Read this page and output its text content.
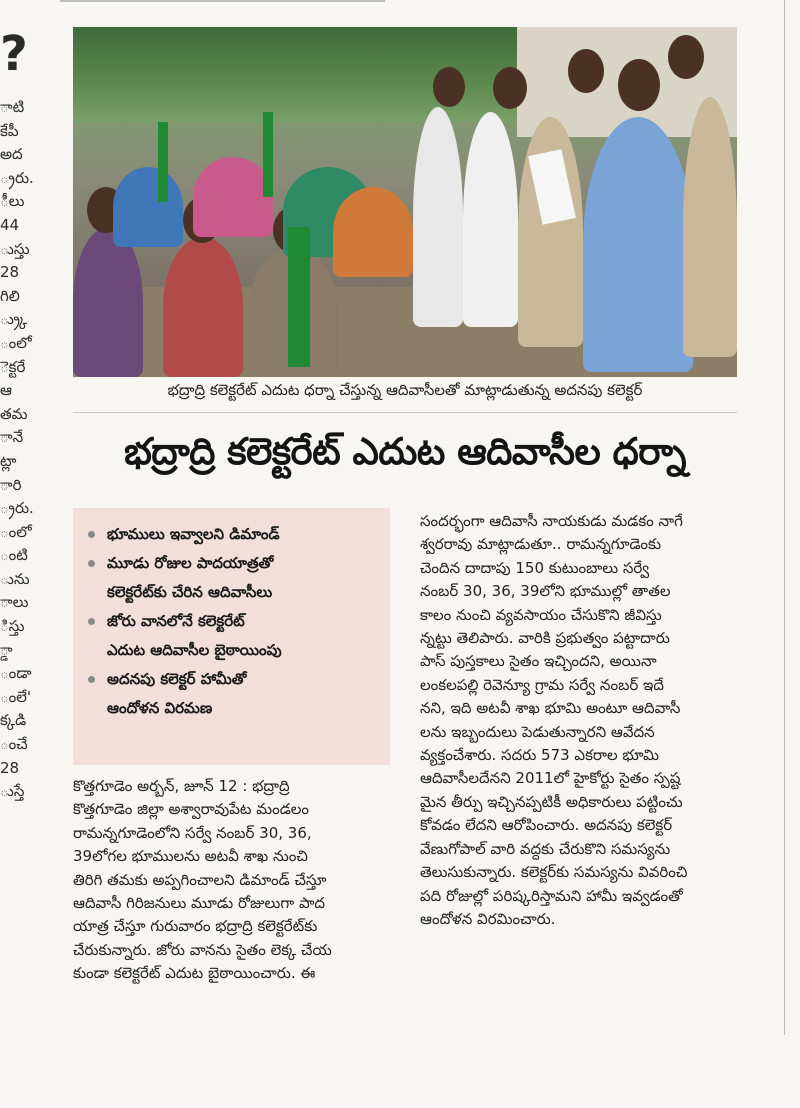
?
ాటి
కేపీ
అద
్రరు.
ీలు
44
ుస్తు
28
గిలి
్ర్కు
ంలో
ెక్టరే
ఆ
తమ
ానే
ట్లా
ారి
్రరు.
ంలో
ంటి
ును
ాలు
ిస్తు
్డా
ండా
ంలే'
క్కడి
ంచే
28
ుస్తే
భద్రాద్రి కలెక్టరేట్ ఎదుట ధర్నా చేస్తున్న ఆదివాసీలతో మాట్లాడుతున్న అదనపు కలెక్టర్
భద్రాద్రి కలెక్టరేట్ ఎదుట ఆదివాసీల ధర్నా
భూములు ఇవ్వాలని డిమాండ్
మూడు రోజుల పాదయాత్రతో
కలెక్టరేట్‌కు చేరిన ఆదివాసీలు
జోరు వానలోనే కలెక్టరేట్
ఎదుట ఆదివాసీల బైఠాయింపు
అదనపు కలెక్టర్ హామీతో
ఆందోళన విరమణ

కొత్తగూడెం అర్బన్, జూన్ 12 : భద్రాద్రి

కొత్తగూడెం జిల్లా అశ్వారావుపేట మండలం

రామన్నగూడెంలోని సర్వే నంబర్ 30, 36,

39లోగల భూములను అటవీ శాఖ నుంచి

తిరిగి తమకు అప్పగించాలని డిమాండ్ చేస్తూ

ఆదివాసీ గిరిజనులు మూడు రోజులుగా పాద

యాత్ర చేస్తూ గురువారం భద్రాద్రి కలెక్టరేట్‌కు

చేరుకున్నారు. జోరు వానను సైతం లెక్క చేయ

కుండా కలెక్టరేట్ ఎదుట బైఠాయించారు. ఈ

సందర్భంగా ఆదివాసీ నాయకుడు మడకం నాగే

శ్వరరావు మాట్లాడుతూ.. రామన్నగూడెంకు

చెందిన దాదాపు 150 కుటుంబాలు సర్వే

నంబర్ 30, 36, 39లోని భూముల్లో తాతల

కాలం నుంచి వ్యవసాయం చేసుకొని జీవిస్తు

న్నట్టు తెలిపారు. వారికి ప్రభుత్వం పట్టాదారు

పాస్ పుస్తకాలు సైతం ఇచ్చిందని, అయినా

లంకలపల్లి రెవెన్యూ గ్రామ సర్వే నంబర్ ఇదే

నని, ఇది అటవీ శాఖ భూమి అంటూ ఆదివాసీ

లను ఇబ్బందులు పెడుతున్నారని ఆవేదన

వ్యక్తంచేశారు. సదరు 573 ఎకరాల భూమి

ఆదివాసీలదేనని 2011లో హైకోర్టు సైతం స్పష్ట

మైన తీర్పు ఇచ్చినప్పటికీ అధికారులు పట్టించు

కోవడం లేదని ఆరోపించారు. అదనపు కలెక్టర్

వేణుగోపాల్ వారి వద్దకు చేరుకొని సమస్యను

తెలుసుకున్నారు. కలెక్టర్‌కు సమస్యను వివరించి

పది రోజుల్లో పరిష్కరిస్తామని హామీ ఇవ్వడంతో

ఆందోళన విరమించారు.
